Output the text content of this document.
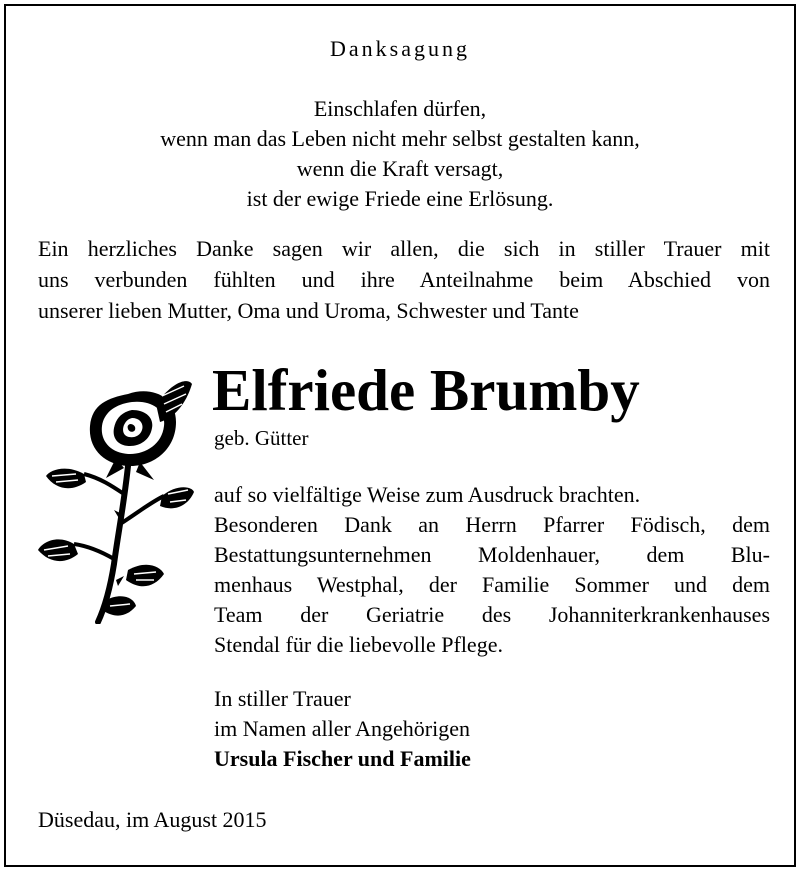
Danksagung
Einschlafen dürfen,
wenn man das Leben nicht mehr selbst gestalten kann,
wenn die Kraft versagt,
ist der ewige Friede eine Erlösung.
Ein herzliches Danke sagen wir allen, die sich in stiller Trauer mit
uns verbunden fühlten und ihre Anteilnahme beim Abschied von
unserer lieben Mutter, Oma und Uroma, Schwester und Tante
Elfriede Brumby
geb. Gütter
auf so vielfältige Weise zum Ausdruck brachten.
Besonderen Dank an Herrn Pfarrer Födisch, dem
Bestattungsunternehmen Moldenhauer, dem Blu-
menhaus Westphal, der Familie Sommer und dem
Team der Geriatrie des Johanniterkrankenhauses
Stendal für die liebevolle Pflege.
In stiller Trauer
im Namen aller Angehörigen
Ursula Fischer und Familie
Düsedau, im August 2015
